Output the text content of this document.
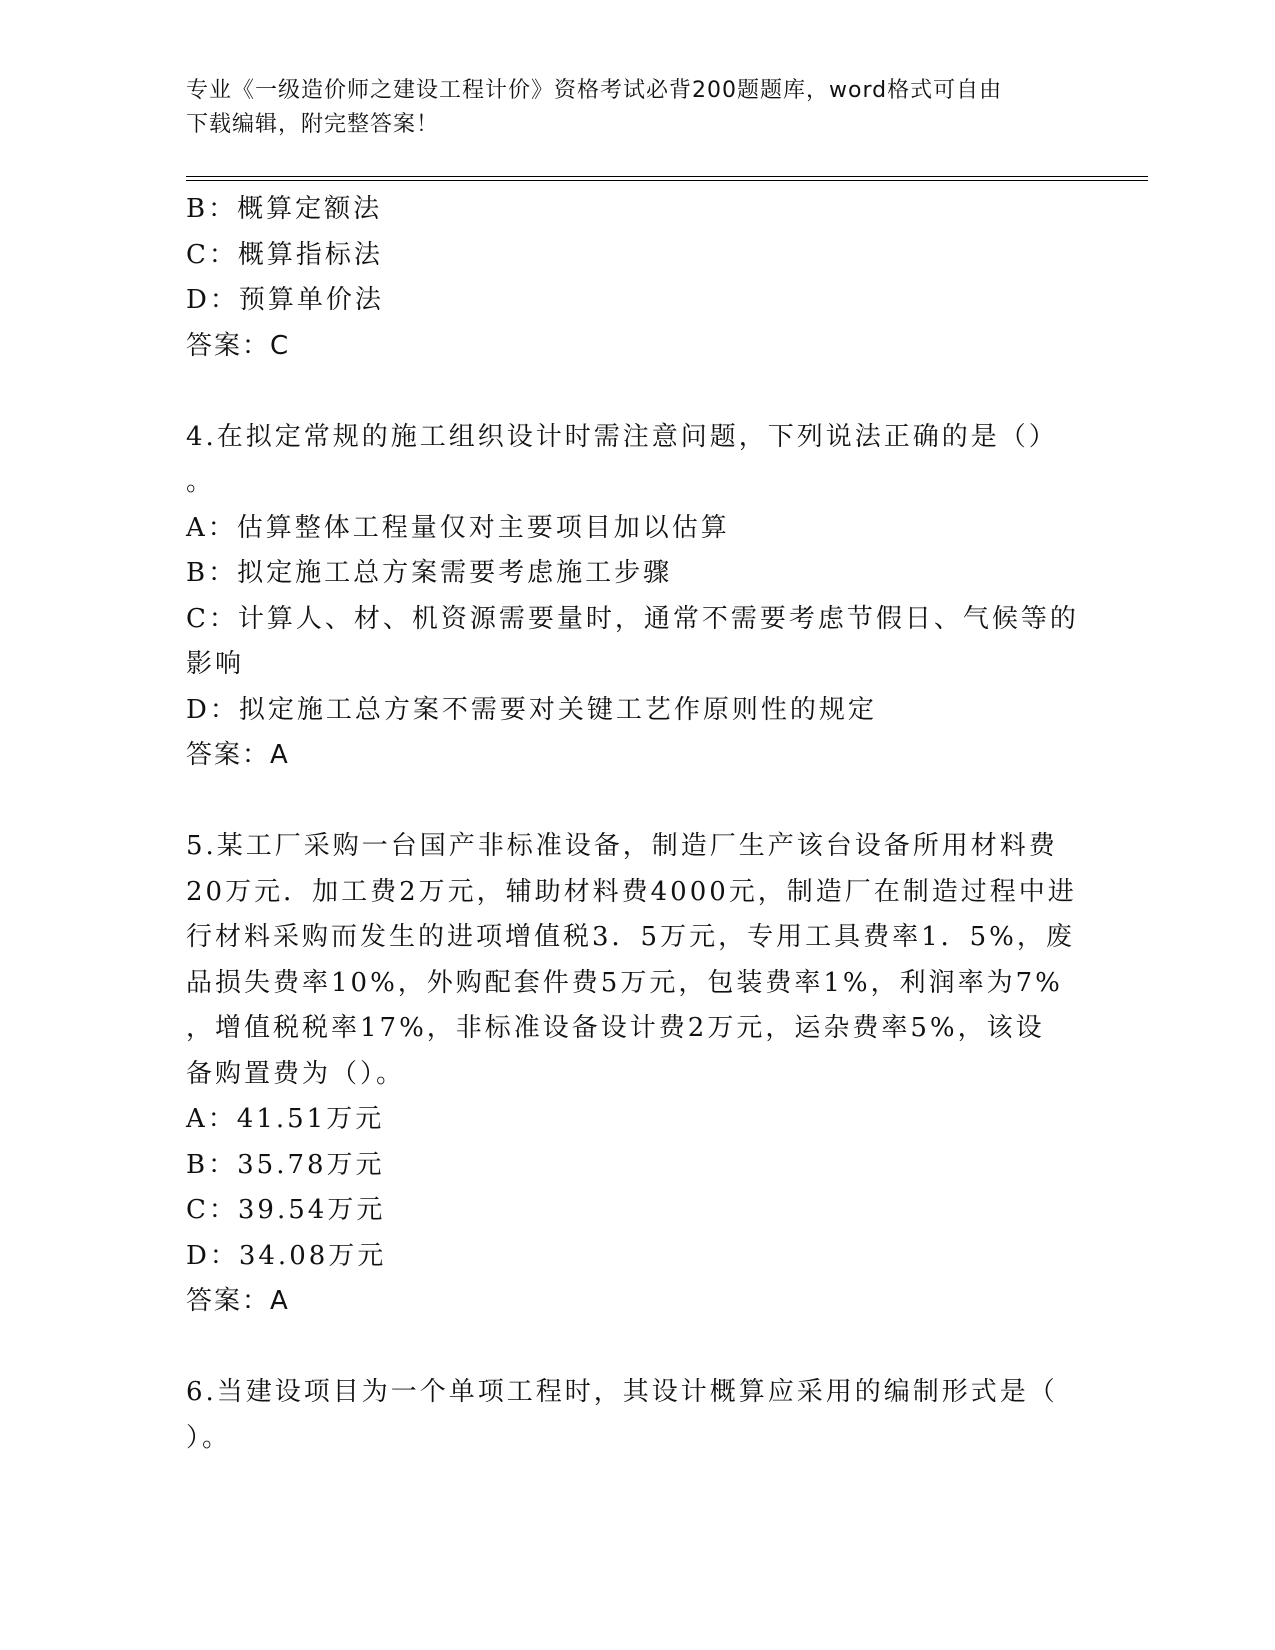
专业《一级造价师之建设工程计价》资格考试必背200题题库，word格式可自由
下载编辑，附完整答案！
B：概算定额法
C：概算指标法
D：预算单价法
答案：C
4.在拟定常规的施工组织设计时需注意问题，下列说法正确的是（）
。
A：估算整体工程量仅对主要项目加以估算
B：拟定施工总方案需要考虑施工步骤
C：计算人、材、机资源需要量时，通常不需要考虑节假日、气候等的
影响
D：拟定施工总方案不需要对关键工艺作原则性的规定
答案：A
5.某工厂采购一台国产非标准设备，制造厂生产该台设备所用材料费
20万元．加工费2万元，辅助材料费4000元，制造厂在制造过程中进
行材料采购而发生的进项增值税3．5万元，专用工具费率1．5%，废
品损失费率10%，外购配套件费5万元，包装费率1%，利润率为7%
，增值税税率17%，非标准设备设计费2万元，运杂费率5%，该设
备购置费为（）。
A：41.51万元
B：35.78万元
C：39.54万元
D：34.08万元
答案：A
6.当建设项目为一个单项工程时，其设计概算应采用的编制形式是（
）。
